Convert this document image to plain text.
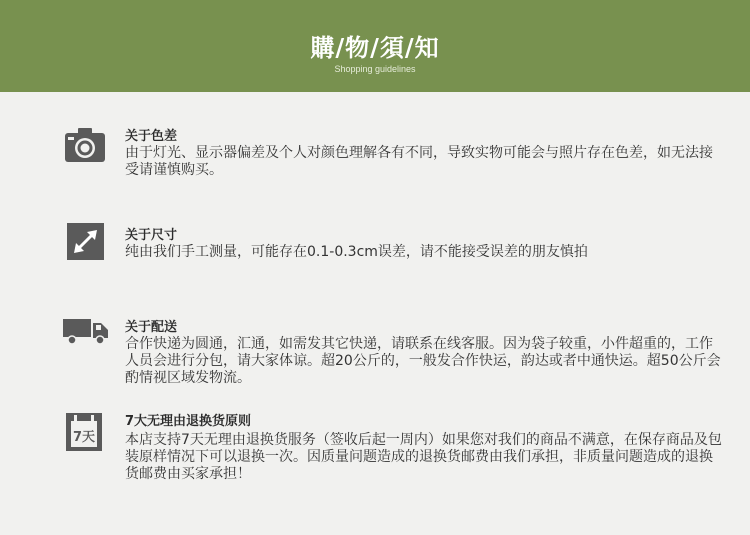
購/物/須/知
Shopping guidelines
关于色差
由于灯光、显示器偏差及个人对颜色理解各有不同，导致实物可能会与照片存在色差，如无法接受请谨慎购买。
关于尺寸
纯由我们手工测量，可能存在0.1-0.3cm误差，请不能接受误差的朋友慎拍
关于配送
合作快递为圆通，汇通，如需发其它快递，请联系在线客服。因为袋子较重，小件超重的，工作人员会进行分包，请大家体谅。超20公斤的，一般发合作快运，韵达或者中通快运。超50公斤会酌情视区域发物流。
7天
7大无理由退换货原则
本店支持7天无理由退换货服务（签收后起一周内）如果您对我们的商品不满意，在保存商品及包装原样情况下可以退换一次。因质量问题造成的退换货邮费由我们承担，非质量问题造成的退换货邮费由买家承担！
